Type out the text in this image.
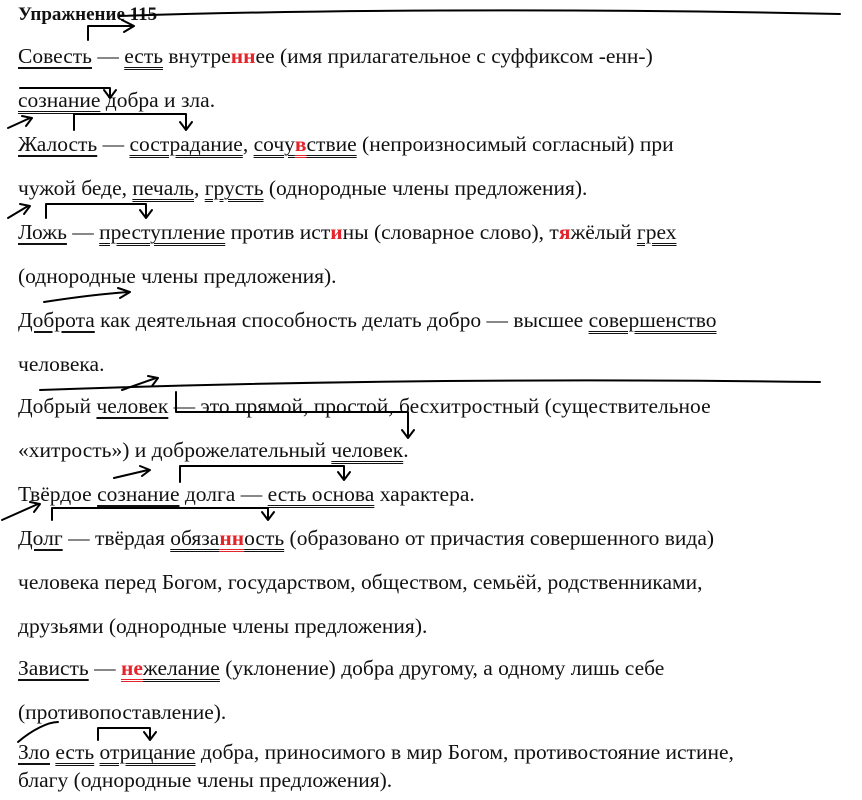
Упражнение 115
Совесть — есть внутреннее (имя прилагательное с суффиксом -енн-)
сознание добра и зла.
Жалость — сострадание, сочувствие (непроизносимый согласный) при
чужой беде, печаль, грусть (однородные члены предложения).
Ложь — преступление против истины (словарное слово), тяжёлый грех
(однородные члены предложения).
Доброта как деятельная способность делать добро — высшее совершенство
человека.
Добрый человек — это прямой, простой, бесхитростный (существительное
«хитрость») и доброжелательный человек.
Твёрдое сознание долга — есть основа характера.
Долг — твёрдая обязанность (образовано от причастия совершенного вида)
человека перед Богом, государством, обществом, семьёй, родственниками,
друзьями (однородные члены предложения).
Зависть — нежелание (уклонение) добра другому, а одному лишь себе
(противопоставление).
Зло есть отрицание добра, приносимого в мир Богом, противостояние истине,
благу (однородные члены предложения).
